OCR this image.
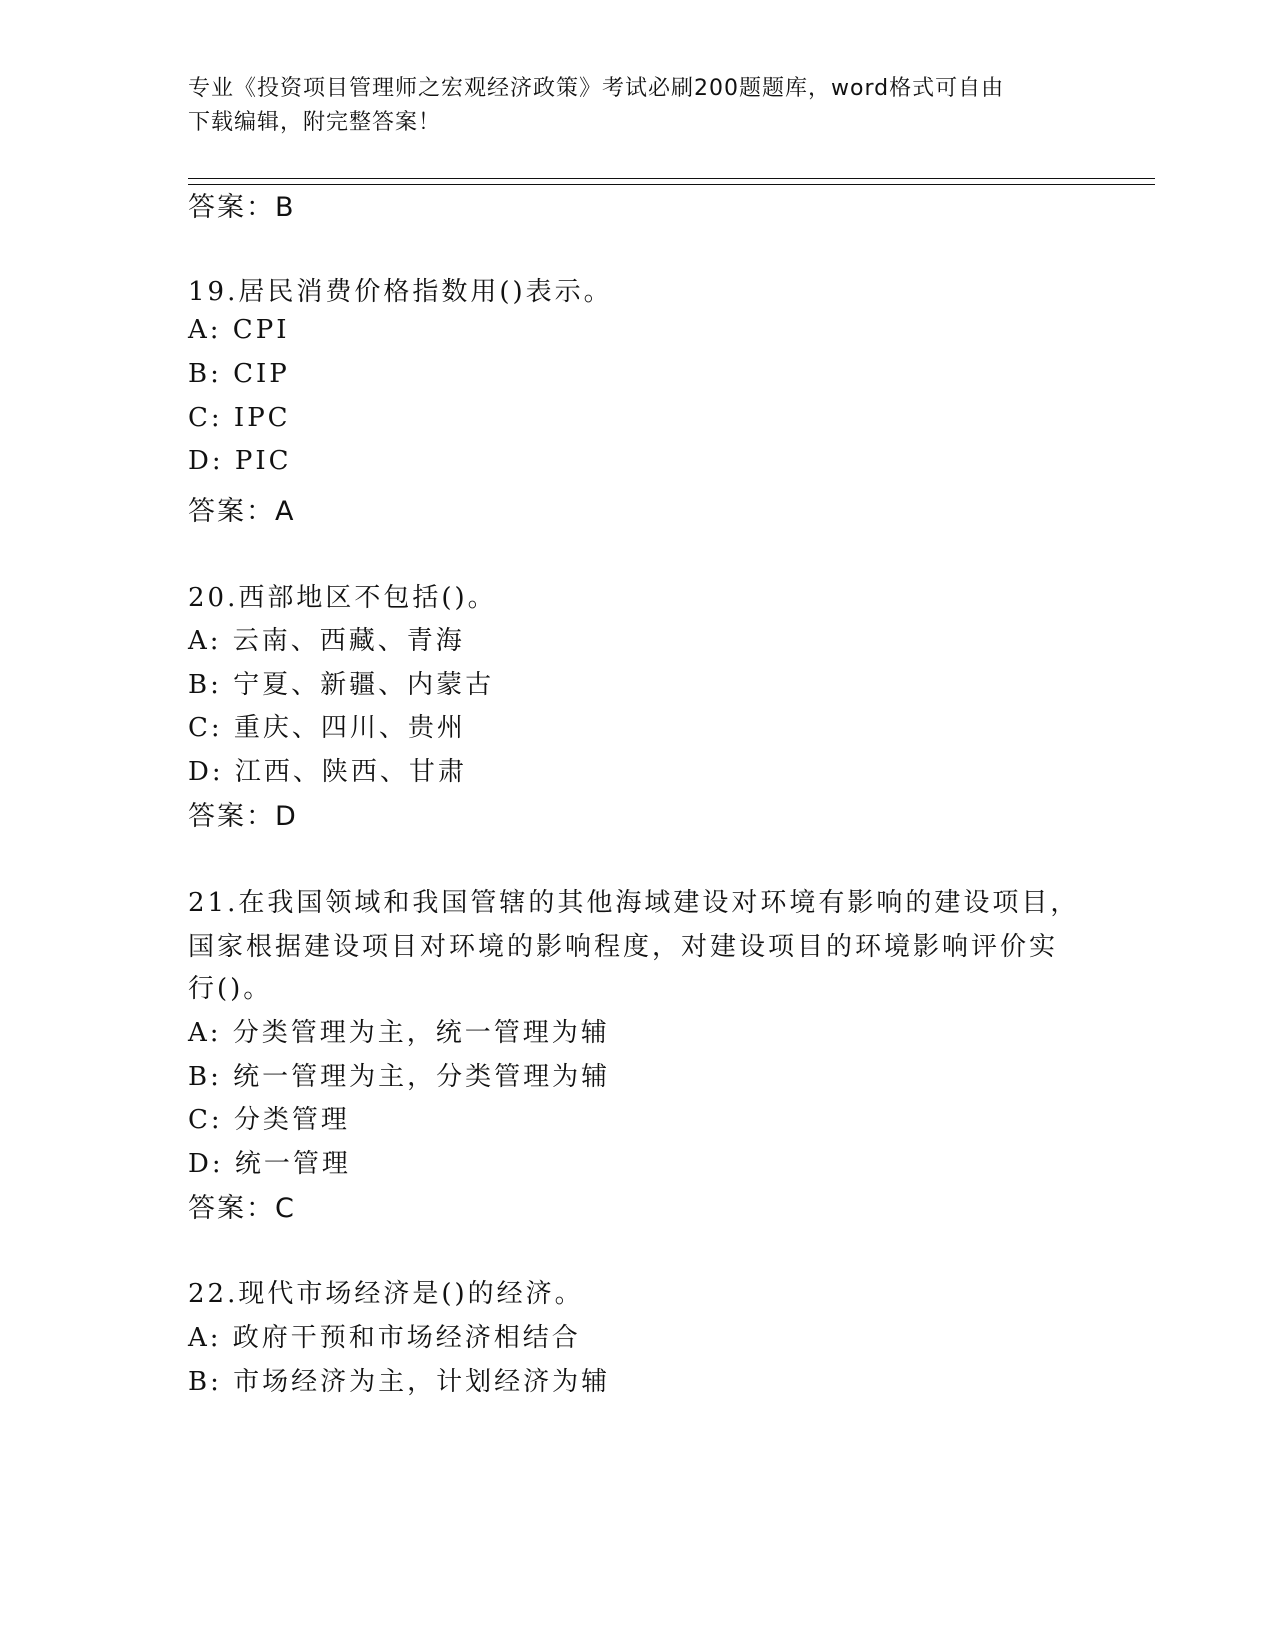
专业《投资项目管理师之宏观经济政策》考试必刷200题题库，word格式可自由
下载编辑，附完整答案！
答案：B
19.居民消费价格指数用()表示。
A: CPI
B: CIP
C: IPC
D: PIC
答案：A
20.西部地区不包括()。
A: 云南、西藏、青海
B: 宁夏、新疆、内蒙古
C: 重庆、四川、贵州
D: 江西、陕西、甘肃
答案：D
21.在我国领域和我国管辖的其他海域建设对环境有影响的建设项目，
国家根据建设项目对环境的影响程度，对建设项目的环境影响评价实
行()。
A: 分类管理为主，统一管理为辅
B: 统一管理为主，分类管理为辅
C: 分类管理
D: 统一管理
答案：C
22.现代市场经济是()的经济。
A: 政府干预和市场经济相结合
B: 市场经济为主，计划经济为辅
